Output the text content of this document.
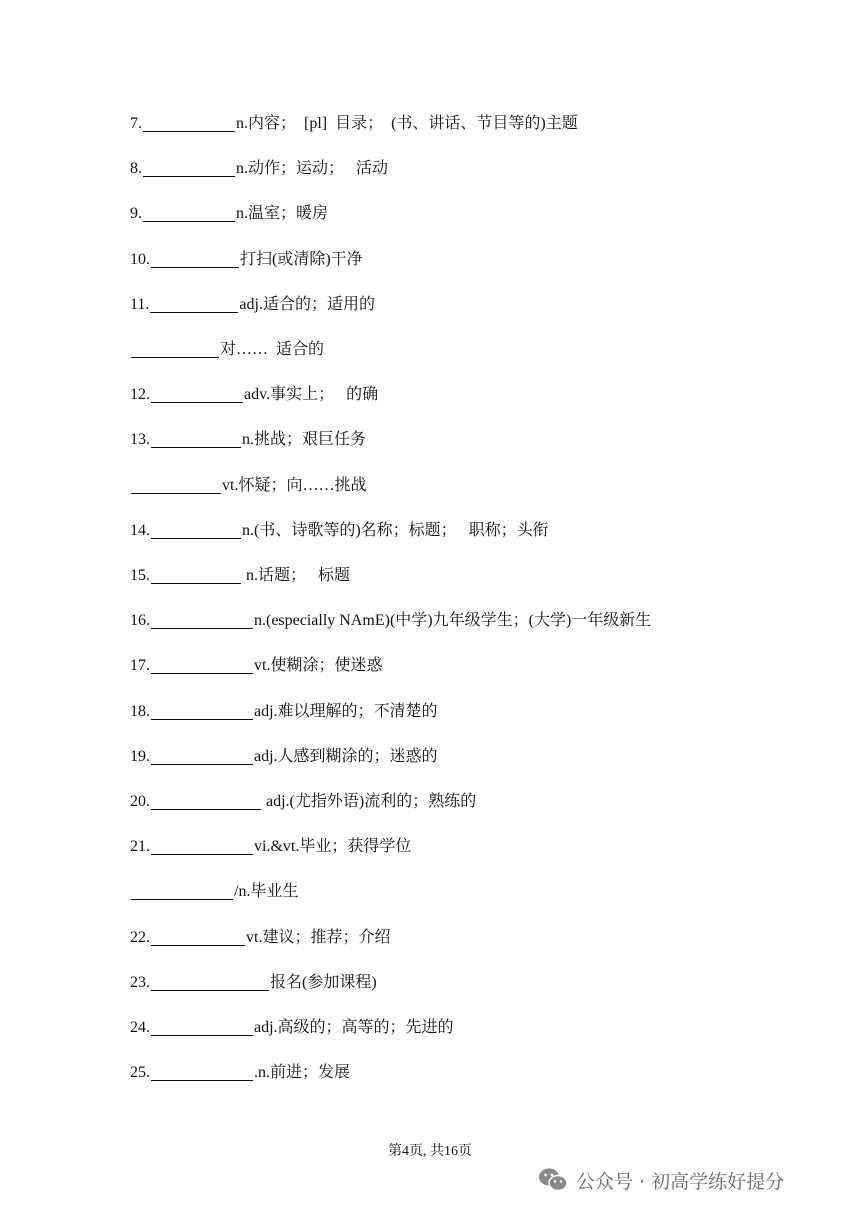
7.	n.内容；  [pl]  目录；  (书、讲话、节目等的)主题
8.	n.动作；运动；   活动
9.	n.温室；暖房
10.	打扫(或清除)干净
11.	adj.适合的；适用的
对……  适合的
12.	adv.事实上；   的确
13.	n.挑战；艰巨任务
vt.怀疑；向……挑战
14.	n.(书、诗歌等的)名称；标题；   职称；头衔
15.	n.话题；   标题
16.	n.(especially NAmE)(中学)九年级学生；(大学)一年级新生
17.	vt.使糊涂；使迷惑
18.	adj.难以理解的；不清楚的
19.	adj.人感到糊涂的；迷惑的
20.	adj.(尤指外语)流利的；熟练的
21.	vi.&vt.毕业；获得学位
/n.毕业生
22.	vt.建议；推荐；介绍
23.	报名(参加课程)
24.	adj.高级的；高等的；先进的
25.	.n.前进；发展
第4页, 共16页
公众号 · 初高学练好提分
